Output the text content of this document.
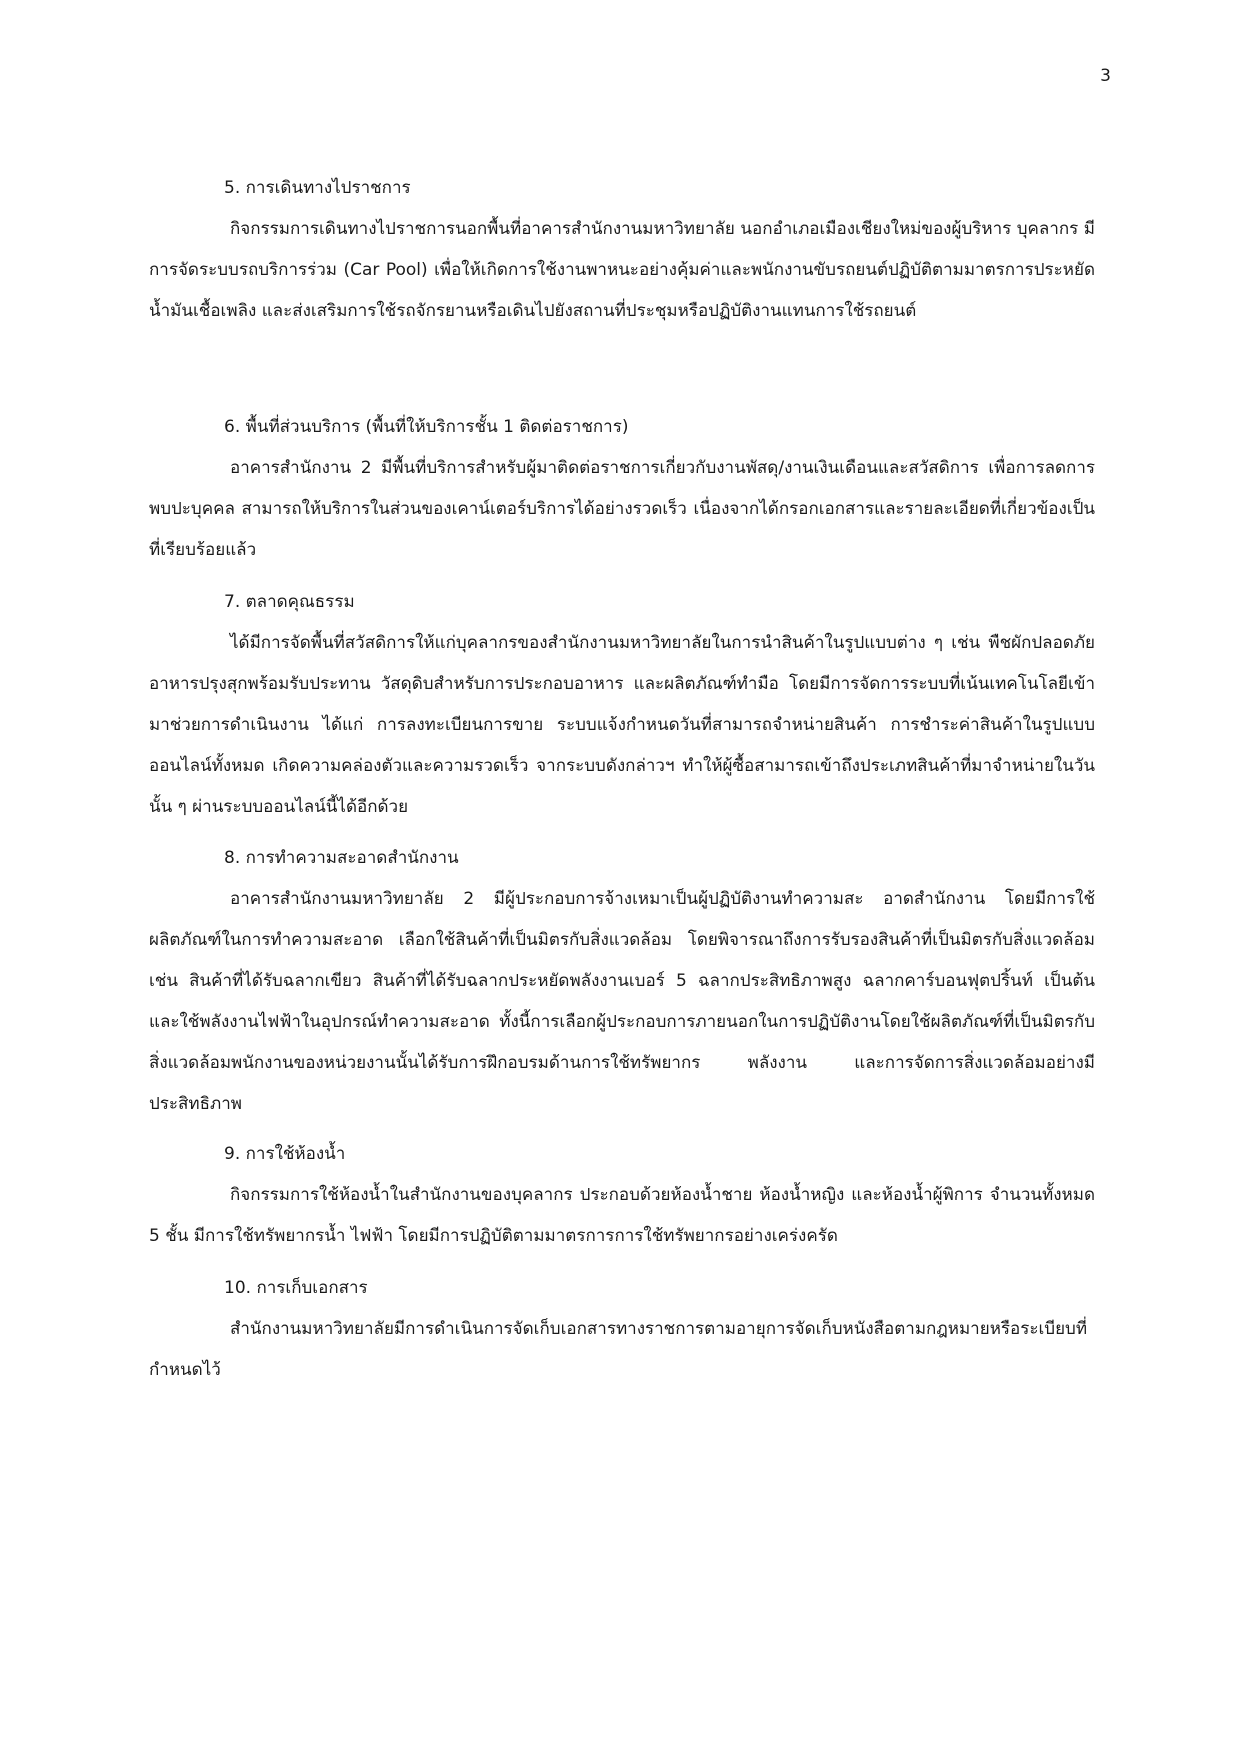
3
5. การเดินทางไปราชการ

กิจกรรมการเดินทางไปราชการนอกพื้นที่อาคารสำนักงานมหาวิทยาลัย นอกอำเภอเมืองเชียงใหม่ของผู้บริหาร บุคลากร มีการจัดระบบรถบริการร่วม (Car Pool) เพื่อให้เกิดการใช้งานพาหนะอย่างคุ้มค่าและพนักงานขับรถยนต์ปฏิบัติตามมาตรการประหยัดน้ำมันเชื้อเพลิง และส่งเสริมการใช้รถจักรยานหรือเดินไปยังสถานที่ประชุมหรือปฏิบัติงานแทนการใช้รถยนต์

6. พื้นที่ส่วนบริการ (พื้นที่ให้บริการชั้น 1 ติดต่อราชการ)

อาคารสำนักงาน 2 มีพื้นที่บริการสำหรับผู้มาติดต่อราชการเกี่ยวกับงานพัสดุ/งานเงินเดือนและสวัสดิการ เพื่อการลดการพบปะบุคคล สามารถให้บริการในส่วนของเคาน์เตอร์บริการได้อย่างรวดเร็ว เนื่องจากได้กรอกเอกสารและรายละเอียดที่เกี่ยวข้องเป็นที่เรียบร้อยแล้ว

7. ตลาดคุณธรรม

ได้มีการจัดพื้นที่สวัสดิการให้แก่บุคลากรของสำนักงานมหาวิทยาลัยในการนำสินค้าในรูปแบบต่าง ๆ เช่น พืชผักปลอดภัย อาหารปรุงสุกพร้อมรับประทาน วัสดุดิบสำหรับการประกอบอาหาร และผลิตภัณฑ์ทำมือ โดยมีการจัดการระบบที่เน้นเทคโนโลยีเข้ามาช่วยการดำเนินงาน ได้แก่ การลงทะเบียนการขาย ระบบแจ้งกำหนดวันที่สามารถจำหน่ายสินค้า การชำระค่าสินค้าในรูปแบบออนไลน์ทั้งหมด เกิดความคล่องตัวและความรวดเร็ว จากระบบดังกล่าวฯ ทำให้ผู้ซื้อสามารถเข้าถึงประเภทสินค้าที่มาจำหน่ายในวันนั้น ๆ ผ่านระบบออนไลน์นี้ได้อีกด้วย

8. การทำความสะอาดสำนักงาน

อาคารสำนักงานมหาวิทยาลัย 2 มีผู้ประกอบการจ้างเหมาเป็นผู้ปฏิบัติงานทำความสะ อาดสำนักงาน โดยมีการใช้ผลิตภัณฑ์ในการทำความสะอาด เลือกใช้สินค้าที่เป็นมิตรกับสิ่งแวดล้อม โดยพิจารณาถึงการรับรองสินค้าที่เป็นมิตรกับสิ่งแวดล้อม เช่น สินค้าที่ได้รับฉลากเขียว สินค้าที่ได้รับฉลากประหยัดพลังงานเบอร์ 5 ฉลากประสิทธิภาพสูง ฉลากคาร์บอนฟุตปริ้นท์ เป็นต้น และใช้พลังงานไฟฟ้าในอุปกรณ์ทำความสะอาด ทั้งนี้การเลือกผู้ประกอบการภายนอกในการปฏิบัติงานโดยใช้ผลิตภัณฑ์ที่เป็นมิตรกับสิ่งแวดล้อมพนักงานของหน่วยงานนั้นได้รับการฝึกอบรมด้านการใช้ทรัพยากร พลังงาน และการจัดการสิ่งแวดล้อมอย่างมีประสิทธิภาพ

9. การใช้ห้องน้ำ

กิจกรรมการใช้ห้องน้ำในสำนักงานของบุคลากร ประกอบด้วยห้องน้ำชาย ห้องน้ำหญิง และห้องน้ำผู้พิการ จำนวนทั้งหมด 5 ชั้น มีการใช้ทรัพยากรน้ำ ไฟฟ้า โดยมีการปฏิบัติตามมาตรการการใช้ทรัพยากรอย่างเคร่งครัด

10. การเก็บเอกสาร

สำนักงานมหาวิทยาลัยมีการดำเนินการจัดเก็บเอกสารทางราชการตามอายุการจัดเก็บหนังสือตามกฎหมายหรือระเบียบที่กำหนดไว้
